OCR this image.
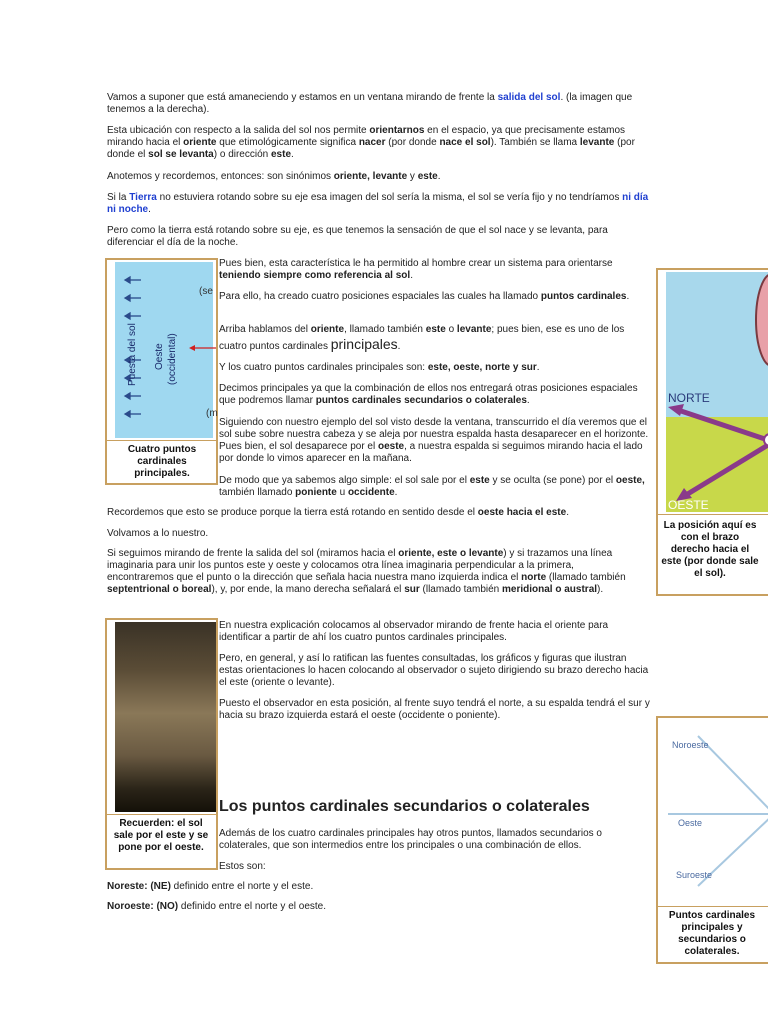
Vamos a suponer que está amaneciendo y estamos en un ventana mirando de frente la salida del sol. (la imagen que tenemos a la derecha).

Esta ubicación con respecto a la salida del sol nos permite orientarnos en el espacio, ya que precisamente estamos mirando hacia el oriente que etimológicamente significa nacer (por donde nace el sol). También se llama levante (por donde el sol se levanta) o dirección este.

Anotemos y recordemos, entonces: son sinónimos oriente, levante y este.

Si la Tierra no estuviera rotando sobre su eje esa imagen del sol sería la misma, el sol se vería fijo y no tendríamos ni día ni noche.

Pero como la tierra está rotando sobre su eje, es que tenemos la sensación de que el sol nace y se levanta, para diferenciar el día de la noche.

Puesta del sol Oeste (occidental)
(se
(m
Cuatro puntos cardinales principales.

Pues bien, esta característica le ha permitido al hombre crear un sistema para orientarse teniendo siempre como referencia al sol.

Para ello, ha creado cuatro posiciones espaciales las cuales ha llamado puntos cardinales.

Arriba hablamos del oriente, llamado también este o levante; pues bien, ese es uno de los cuatro puntos cardinales principales.

Y los cuatro puntos cardinales principales son: este, oeste, norte y sur.

Decimos principales ya que la combinación de ellos nos entregará otras posiciones espaciales que podremos llamar puntos cardinales secundarios o colaterales.

Siguiendo con nuestro ejemplo del sol visto desde la ventana, transcurrido el día veremos que el sol sube sobre nuestra cabeza y se aleja por nuestra espalda hasta desaparecer en el horizonte. Pues bien, el sol desaparece por el oeste, a nuestra espalda si seguimos mirando hacia el lado por donde lo vimos aparecer en la mañana.

De modo que ya sabemos algo simple: el sol sale por el este y se oculta (se pone) por el oeste, también llamado poniente u occidente.

Recordemos que esto se produce porque la tierra está rotando en sentido desde el oeste hacia el este.

Volvamos a lo nuestro.

Si seguimos mirando de frente la salida del sol (miramos hacia el oriente, este o levante) y si trazamos una línea imaginaria para unir los puntos este y oeste y colocamos otra línea imaginaria perpendicular a la primera, encontraremos que el punto o la dirección que señala hacia nuestra mano izquierda indica el norte (llamado también septentrional o boreal), y, por ende, la mano derecha señalará el sur (llamado también meridional o austral).

NORTE
OESTE
La posición aquí es con el brazo derecho hacia el este (por donde sale el sol).
Recuerden: el sol sale por el este y se pone por el oeste.

En nuestra explicación colocamos al observador mirando de frente hacia el oriente para identificar a partir de ahí los cuatro puntos cardinales principales.

Pero, en general, y así lo ratifican las fuentes consultadas, los gráficos y figuras que ilustran estas orientaciones lo hacen colocando al observador o sujeto dirigiendo su brazo derecho hacia el este (oriente o levante).

Puesto el observador en esta posición, al frente suyo tendrá el norte, a su espalda tendrá el sur y hacia su brazo izquierda estará el oeste (occidente o poniente).

Los puntos cardinales secundarios o colaterales

Además de los cuatro cardinales principales hay otros puntos, llamados secundarios o colaterales, que son intermedios entre los principales o una combinación de ellos.

Estos son:

Noreste: (NE) definido entre el norte y el este.

Noroeste: (NO) definido entre el norte y el oeste.

Noroeste
Oeste
Suroeste
Puntos cardinales principales y secundarios o colaterales.
